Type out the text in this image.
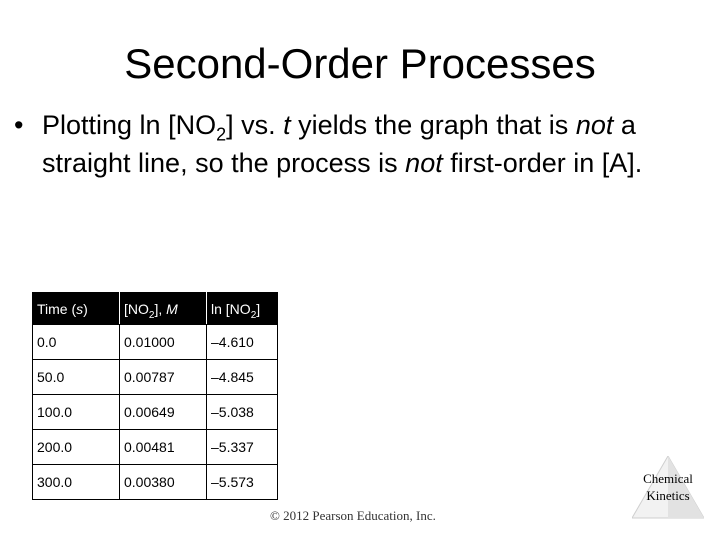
Second-Order Processes
• Plotting $\ln [NO_2]$ vs. t yields the graph that is not a straight line, so the process is not first-order in [A].
Time (s)	$[NO_2]$, M	$\ln [NO_2]$
0.0	0.01000	–4.610
50.0	0.00787	–4.845
100.0	0.00649	–5.038
200.0	0.00481	–5.337
300.0	0.00380	–5.573
© 2012 Pearson Education, Inc.
Chemical
Kinetics
